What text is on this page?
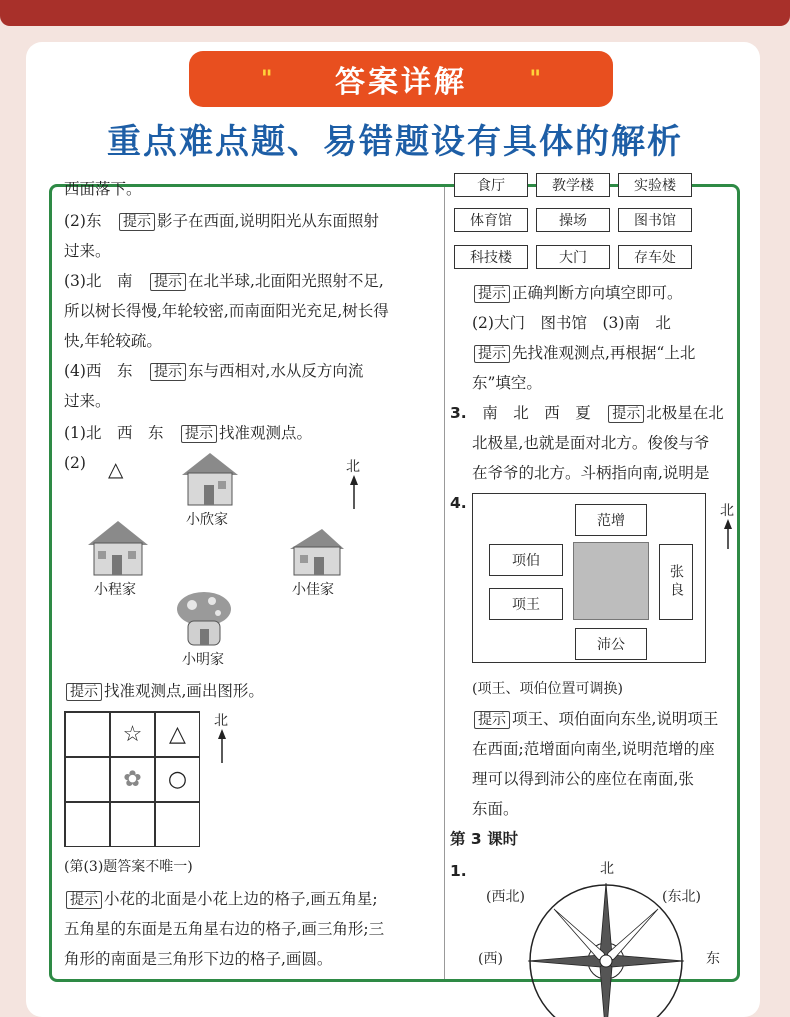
" 答案详解	"
重点难点题、易错题设有具体的解析
西面落下。
(2)东　 提示 影子在西面,说明阳光从东面照射
过来。
(3)北　南　 提示 在北半球,北面阳光照射不足,
所以树长得慢,年轮较密,而南面阳光充足,树长得
快,年轮较疏。
(4)西　东　 提示 东与西相对,水从反方向流
过来。
(1)北　西　东　 提示 找准观测点。
(2) △	北
小欣家
小程家	小佳家
小明家
提示 找准观测点,画出图形。
☆	△
✿	○
北
(第(3)题答案不唯一)
提示 小花的北面是小花上边的格子,画五角星;
五角星的东面是五角星右边的格子,画三角形;三
角形的南面是三角形下边的格子,画圆。
食厅	教学楼	实验楼
体育馆	操场	图书馆
科技楼	大门	存车处
提示 正确判断方向填空即可。
(2)大门　图书馆　(3)南　北
提示 先找准观测点,再根据“上北
东”填空。
3.　 南　北　西　夏　 提示 北极星在北
北极星,也就是面对北方。俊俊与爷
在爷爷的北方。斗柄指向南,说明是
4.
范增
项伯
项王
张良
沛公
北
(项王、项伯位置可调换)
提示 项王、项伯面向东坐,说明项王
在西面;范增面向南坐,说明范增的座
理可以得到沛公的座位在南面,张
东面。
第 3 课时
1.	北
(西北)	(东北)
(西)	东
